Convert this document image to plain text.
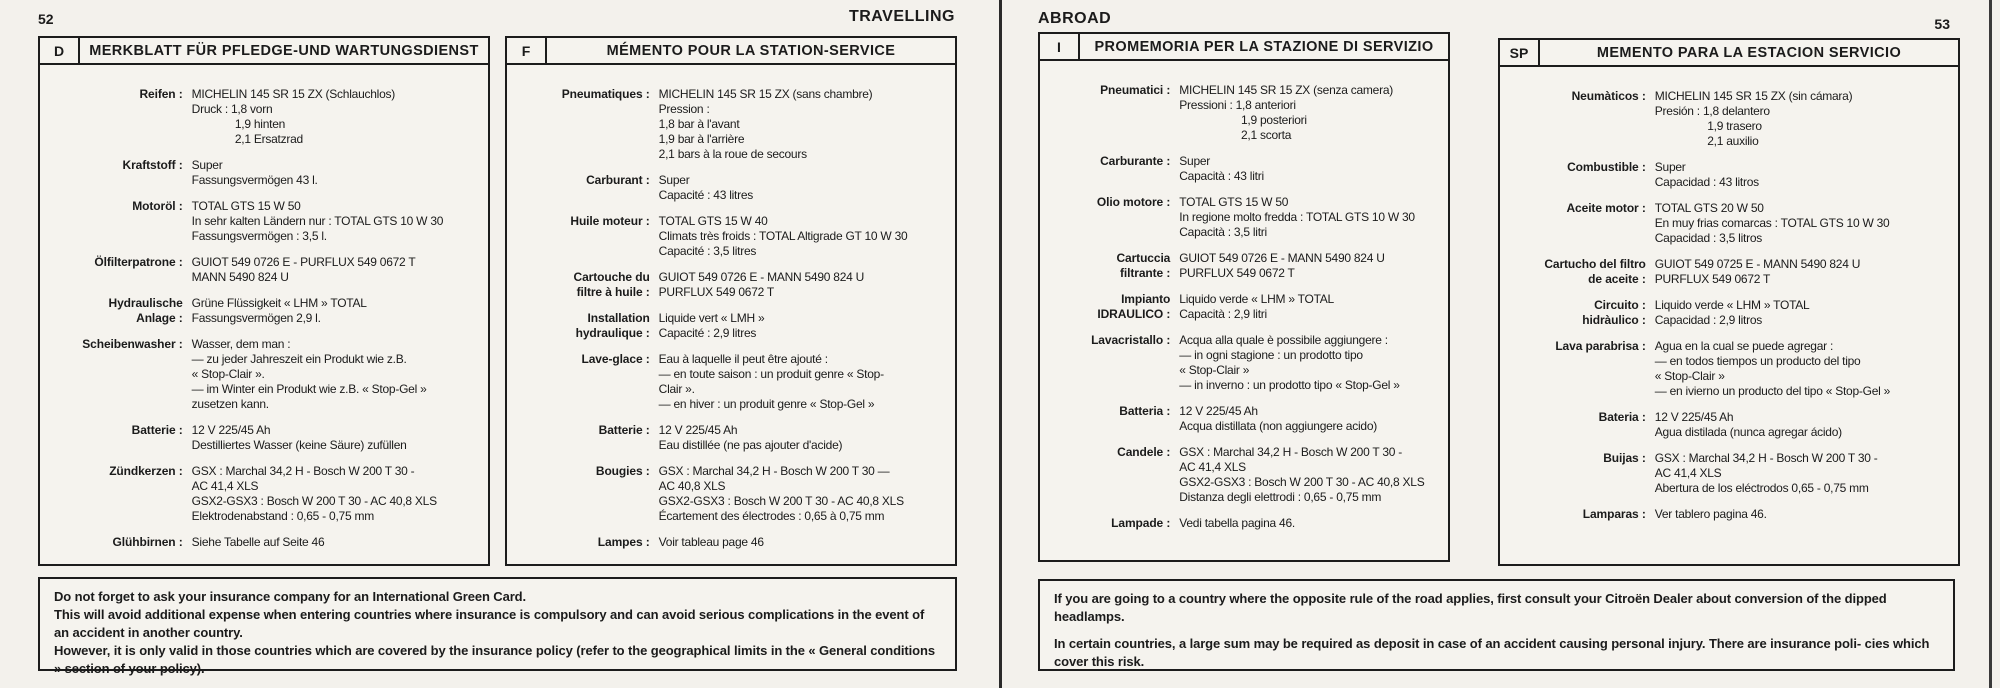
52	TRAVELLING
D	MERKBLATT FÜR PFLEDGE-UND WARTUNGSDIENST
Reifen : MICHELIN 145 SR 15 ZX (Schlauchlos)
Druck : 1,8 vorn
1,9 hinten
2,1 Ersatzrad
Kraftstoff : Super
Fassungsvermögen 43 l.
Motoröl : TOTAL GTS 15 W 50
In sehr kalten Ländern nur : TOTAL GTS 10 W 30
Fassungsvermögen : 3,5 l.
Ölfilterpatrone : GUIOT 549 0726 E - PURFLUX 549 0672 T
MANN 5490 824 U
Hydraulische
Anlage :
Grüne Flüssigkeit « LHM » TOTAL
Fassungsvermögen 2,9 l.
Scheibenwasher : Wasser, dem man :
— zu jeder Jahreszeit ein Produkt wie z.B.
« Stop-Clair ».
— im Winter ein Produkt wie z.B. « Stop-Gel »
zusetzen kann.
Batterie : 12 V 225/45 Ah
Destilliertes Wasser (keine Säure) zufüllen
Zündkerzen : GSX : Marchal 34,2 H - Bosch W 200 T 30 -
AC 41,4 XLS
GSX2-GSX3 : Bosch W 200 T 30 - AC 40,8 XLS
Elektrodenabstand : 0,65 - 0,75 mm
Glühbirnen : Siehe Tabelle auf Seite 46
F	MÉMENTO POUR LA STATION-SERVICE
Pneumatiques : MICHELIN 145 SR 15 ZX (sans chambre)
Pression :
1,8 bar à l'avant
1,9 bar à l'arrière
2,1 bars à la roue de secours
Carburant : Super
Capacité : 43 litres
Huile moteur : TOTAL GTS 15 W 40
Climats très froids : TOTAL Altigrade GT 10 W 30
Capacité : 3,5 litres
Cartouche du
filtre à huile :
GUIOT 549 0726 E - MANN 5490 824 U
PURFLUX 549 0672 T
Installation
hydraulique :
Liquide vert « LMH »
Capacité : 2,9 litres
Lave-glace : Eau à laquelle il peut être ajouté :
— en toute saison : un produit genre « Stop-
Clair ».
— en hiver : un produit genre « Stop-Gel »
Batterie : 12 V 225/45 Ah
Eau distillée (ne pas ajouter d'acide)
Bougies : GSX : Marchal 34,2 H - Bosch W 200 T 30 —
AC 40,8 XLS
GSX2-GSX3 : Bosch W 200 T 30 - AC 40,8 XLS
Écartement des électrodes : 0,65 à 0,75 mm
Lampes : Voir tableau page 46

Do not forget to ask your insurance company for an International Green Card.

This will avoid additional expense when entering countries where insurance is compulsory and can avoid serious complications in the event of an accident in another country.

However, it is only valid in those countries which are covered by the insurance policy (refer to the geographical limits in the « General conditions » section of your policy).

ABROAD	53
I	PROMEMORIA PER LA STAZIONE DI SERVIZIO
Pneumatici : MICHELIN 145 SR 15 ZX (senza camera)
Pressioni : 1,8 anteriori
1,9 posteriori
2,1 scorta
Carburante : Super
Capacità : 43 litri
Olio motore : TOTAL GTS 15 W 50
In regione molto fredda : TOTAL GTS 10 W 30
Capacità : 3,5 litri
Cartuccia
filtrante :
GUIOT 549 0726 E - MANN 5490 824 U
PURFLUX 549 0672 T
Impianto
IDRAULICO :
Liquido verde « LHM » TOTAL
Capacità : 2,9 litri
Lavacristallo : Acqua alla quale è possibile aggiungere :
— in ogni stagione : un prodotto tipo
« Stop-Clair »
— in inverno : un prodotto tipo « Stop-Gel »
Batteria : 12 V 225/45 Ah
Acqua distillata (non aggiungere acido)
Candele : GSX : Marchal 34,2 H - Bosch W 200 T 30 -
AC 41,4 XLS
GSX2-GSX3 : Bosch W 200 T 30 - AC 40,8 XLS
Distanza degli elettrodi : 0,65 - 0,75 mm
Lampade : Vedi tabella pagina 46.
SP	MEMENTO PARA LA ESTACION SERVICIO
Neumàticos : MICHELIN 145 SR 15 ZX (sin cámara)
Presión : 1,8 delantero
1,9 trasero
2,1 auxilio
Combustible : Super
Capacidad : 43 litros
Aceite motor : TOTAL GTS 20 W 50
En muy frias comarcas : TOTAL GTS 10 W 30
Capacidad : 3,5 litros
Cartucho del filtro
de aceite :
GUIOT 549 0725 E - MANN 5490 824 U
PURFLUX 549 0672 T
Circuito :
hidràulico :
Liquido verde « LHM » TOTAL
Capacidad : 2,9 litros
Lava parabrisa : Agua en la cual se puede agregar :
— en todos tiempos un producto del tipo
« Stop-Clair »
— en ivierno un producto del tipo « Stop-Gel »
Bateria : 12 V 225/45 Ah
Agua distilada (nunca agregar ácido)
Buijas : GSX : Marchal 34,2 H - Bosch W 200 T 30 -
AC 41,4 XLS
Abertura de los eléctrodos 0,65 - 0,75 mm
Lamparas : Ver tablero pagina 46.

If you are going to a country where the opposite rule of the road applies, first consult your Citroën Dealer about conversion of the dipped headlamps.

In certain countries, a large sum may be required as deposit in case of an accident causing personal injury. There are insurance poli- cies which cover this risk.
